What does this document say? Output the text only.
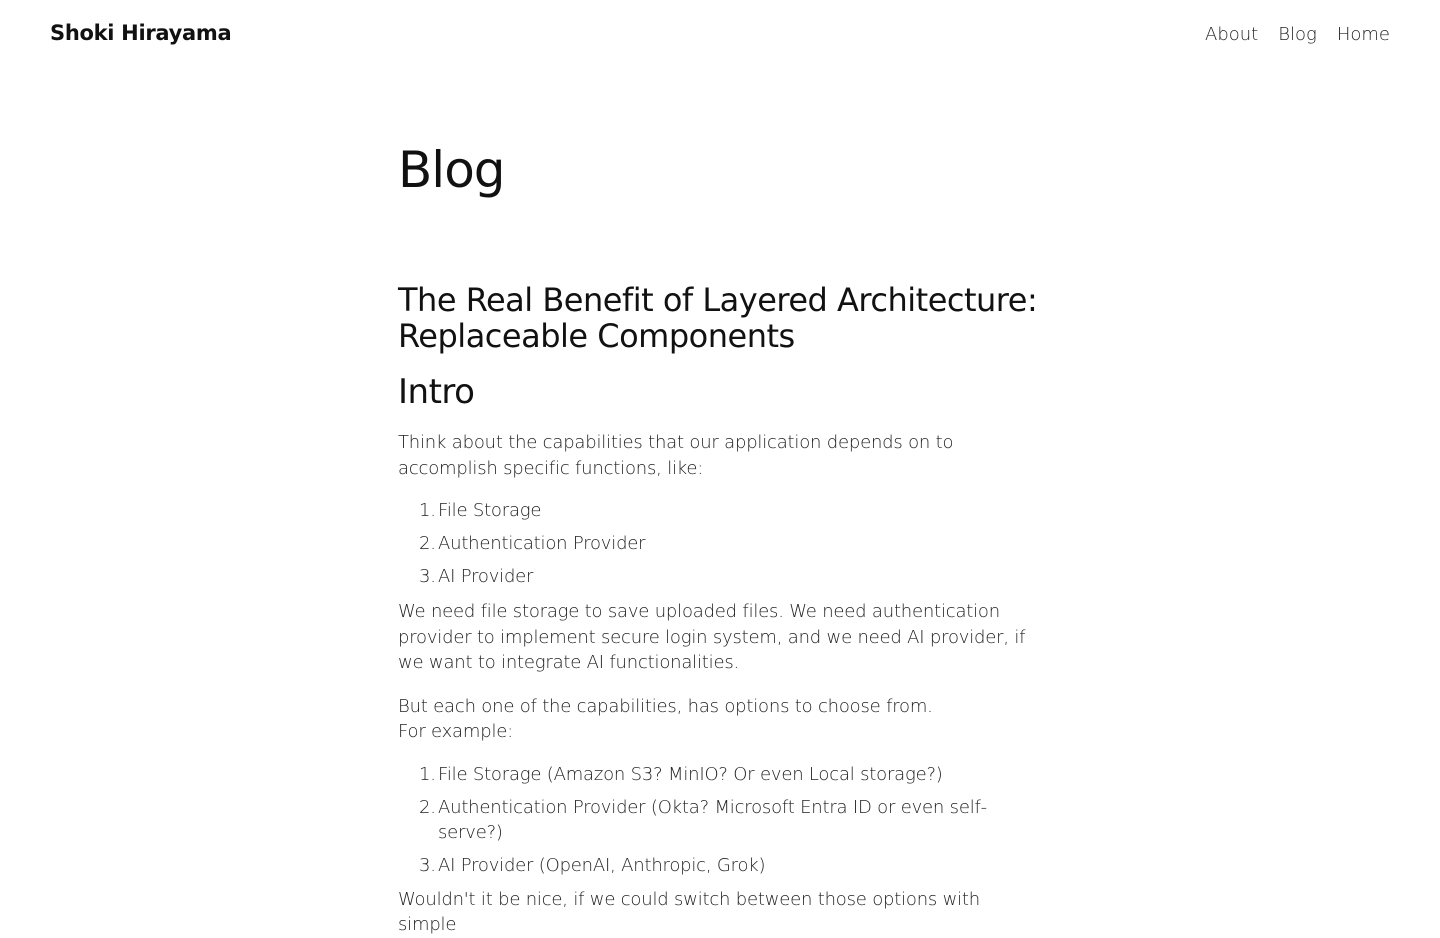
Shoki Hirayama	About Blog Home
Blog
The Real Benefit of Layered Architecture: Replaceable Components
Intro

Think about the capabilities that our application depends on to accomplish specific functions, like:

1. File Storage
2. Authentication Provider
3. AI Provider

We need file storage to save uploaded files. We need authentication provider to implement secure login system, and we need AI provider, if we want to integrate AI functionalities.

But each one of the capabilities, has options to choose from.
For example:

1. File Storage (Amazon S3? MinIO? Or even Local storage?)
2. Authentication Provider (Okta? Microsoft Entra ID or even self-serve?)
3. AI Provider (OpenAI, Anthropic, Grok)

Wouldn't it be nice, if we could switch between those options with simple
